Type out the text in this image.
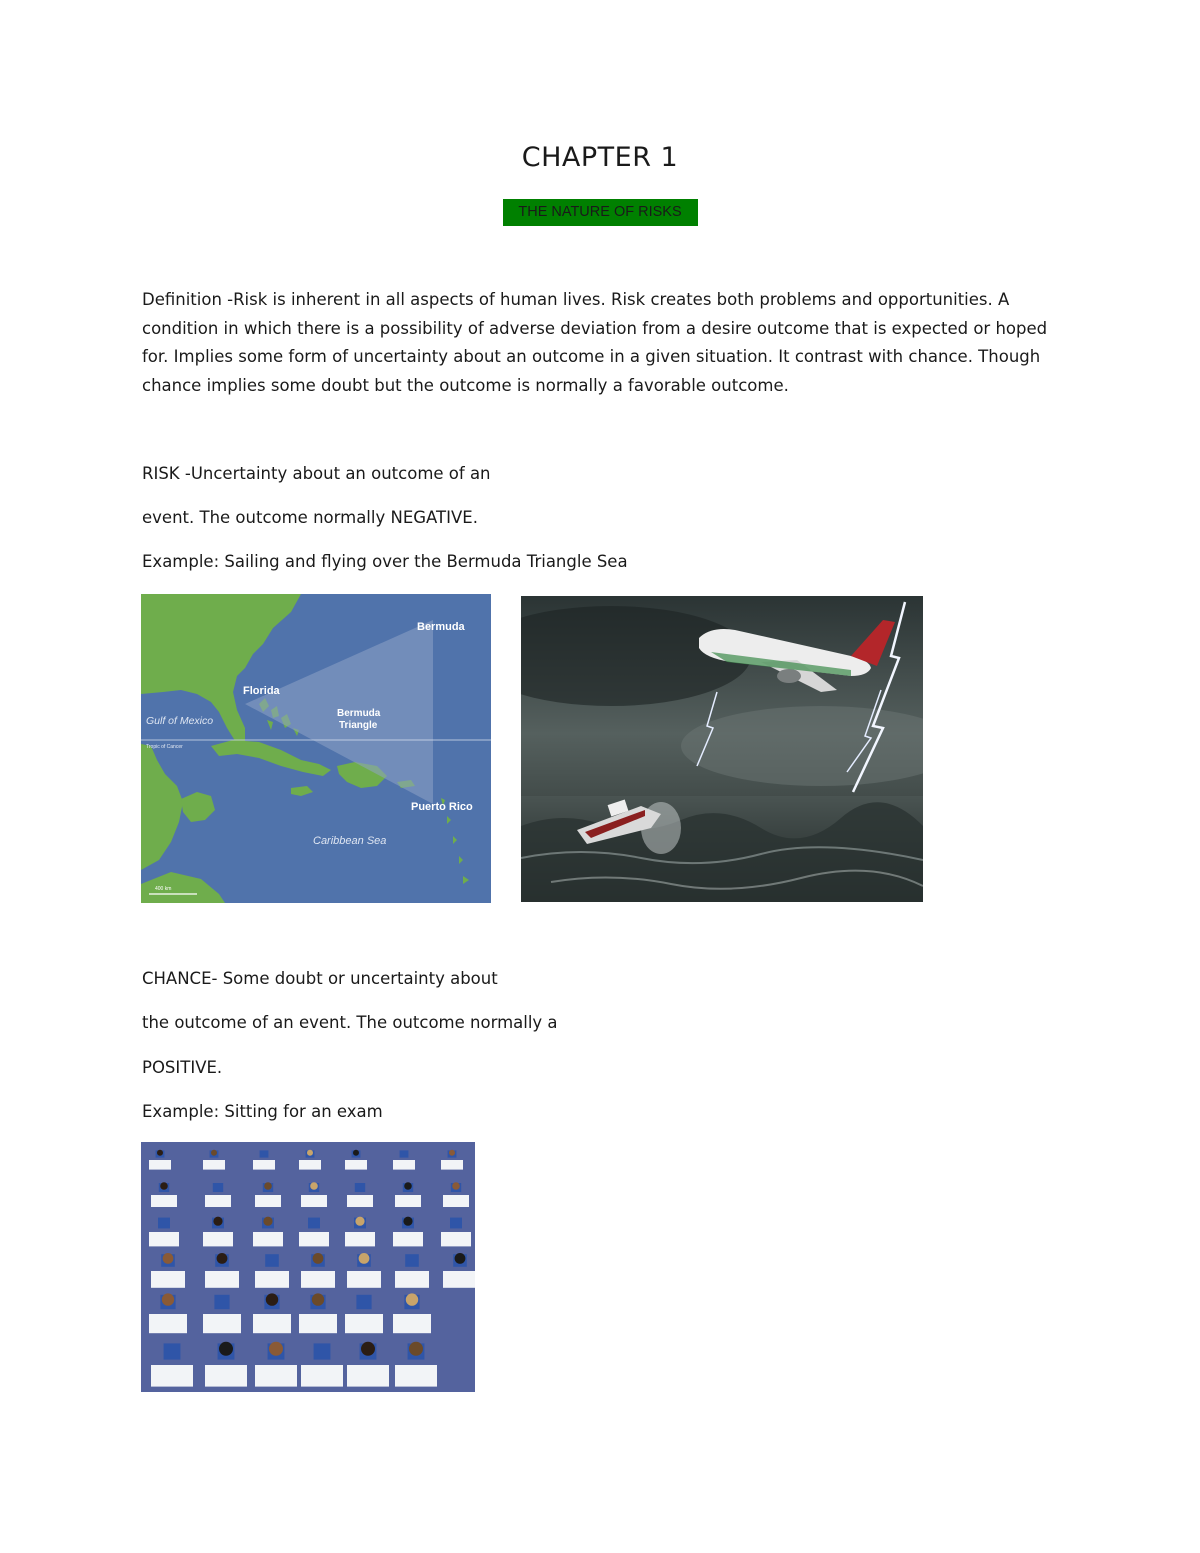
CHAPTER 1
THE NATURE OF RISKS
Definition -Risk is inherent in all aspects of human lives. Risk creates both problems and opportunities. A condition in which there is a possibility of adverse deviation from a desire outcome that is expected or hoped for. Implies some form of uncertainty about an outcome in a given situation. It contrast with chance. Though chance implies some doubt but the outcome is normally a favorable outcome.
RISK -Uncertainty about an outcome of an
event. The outcome normally NEGATIVE.
Example: Sailing and flying over the Bermuda Triangle Sea
Bermuda
Florida
Bermuda
Triangle
Gulf of Mexico
Tropic of Cancer
Puerto Rico
Caribbean Sea
400 km
CHANCE- Some doubt or uncertainty about
the outcome of an event. The outcome normally a
POSITIVE.
Example: Sitting for an exam
